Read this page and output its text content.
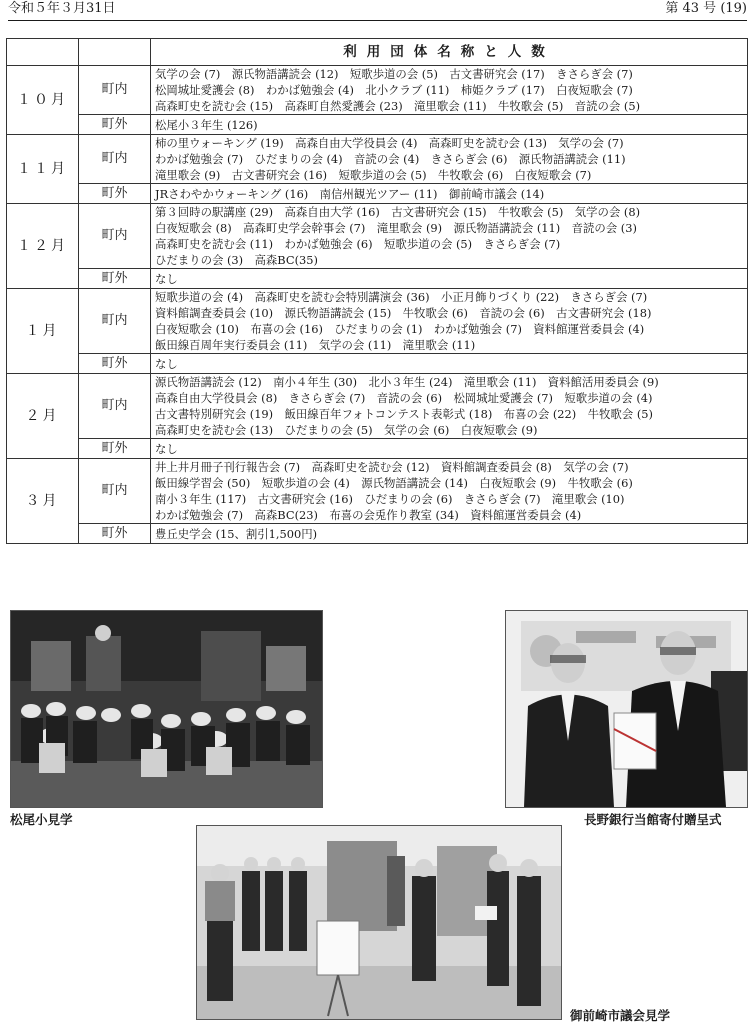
令和５年３月31日	第 43 号 (19)
		利用団体名称と人数
１０月	町内	気学の会 (7)　源氏物語講読会 (12)　短歌歩道の会 (5)　古文書研究会 (17)　きさらぎ会 (7)
松岡城址愛護会 (8)　わかば勉強会 (4)　北小クラブ (11)　柿姫クラブ (17)　白夜短歌会 (7)
高森町史を読む会 (15)　高森町自然愛護会 (23)　滝里歌会 (11)　牛牧歌会 (5)　音読の会 (5)

	町外	松尾小３年生 (126)
１１月	町内	柿の里ウォーキング (19)　高森自由大学役員会 (4)　高森町史を読む会 (13)　気学の会 (7)
わかば勉強会 (7)　ひだまりの会 (4)　音読の会 (4)　きさらぎ会 (6)　源氏物語講読会 (11)
滝里歌会 (9)　古文書研究会 (16)　短歌歩道の会 (5)　牛牧歌会 (6)　白夜短歌会 (7)

	町外	JRさわやかウォーキング (16)　南信州観光ツアー (11)　御前崎市議会 (14)
１２月	町内	第３回時の駅講座 (29)　高森自由大学 (16)　古文書研究会 (15)　牛牧歌会 (5)　気学の会 (8)
白夜短歌会 (8)　高森町史学会幹事会 (7)　滝里歌会 (9)　源氏物語講読会 (11)　音読の会 (3)
高森町史を読む会 (11)　わかば勉強会 (6)　短歌歩道の会 (5)　きさらぎ会 (7)
ひだまりの会 (3)　高森BC(35)

	町外	なし
１月	町内	短歌歩道の会 (4)　高森町史を読む会特別講演会 (36)　小正月飾りづくり (22)　きさらぎ会 (7)
資料館調査委員会 (10)　源氏物語講読会 (15)　牛牧歌会 (6)　音読の会 (6)　古文書研究会 (18)
白夜短歌会 (10)　布喜の会 (16)　ひだまりの会 (1)　わかば勉強会 (7)　資料館運営委員会 (4)
飯田線百周年実行委員会 (11)　気学の会 (11)　滝里歌会 (11)

	町外	なし
２月	町内	源氏物語講読会 (12)　南小４年生 (30)　北小３年生 (24)　滝里歌会 (11)　資料館活用委員会 (9)
高森自由大学役員会 (8)　きさらぎ会 (7)　音読の会 (6)　松岡城址愛護会 (7)　短歌歩道の会 (4)
古文書特別研究会 (19)　飯田線百年フォトコンテスト表彰式 (18)　布喜の会 (22)　牛牧歌会 (5)
高森町史を読む会 (13)　ひだまりの会 (5)　気学の会 (6)　白夜短歌会 (9)

	町外	なし
３月	町内	井上井月冊子刊行報告会 (7)　高森町史を読む会 (12)　資料館調査委員会 (8)　気学の会 (7)
飯田線学習会 (50)　短歌歩道の会 (4)　源氏物語講読会 (14)　白夜短歌会 (9)　牛牧歌会 (6)
南小３年生 (117)　古文書研究会 (16)　ひだまりの会 (6)　きさらぎ会 (7)　滝里歌会 (10)
わかば勉強会 (7)　高森BC(23)　布喜の会兎作り教室 (34)　資料館運営委員会 (4)

	町外	豊丘史学会 (15、割引1,500円)
松尾小見学	長野銀行当館寄付贈呈式
御前崎市議会見学
